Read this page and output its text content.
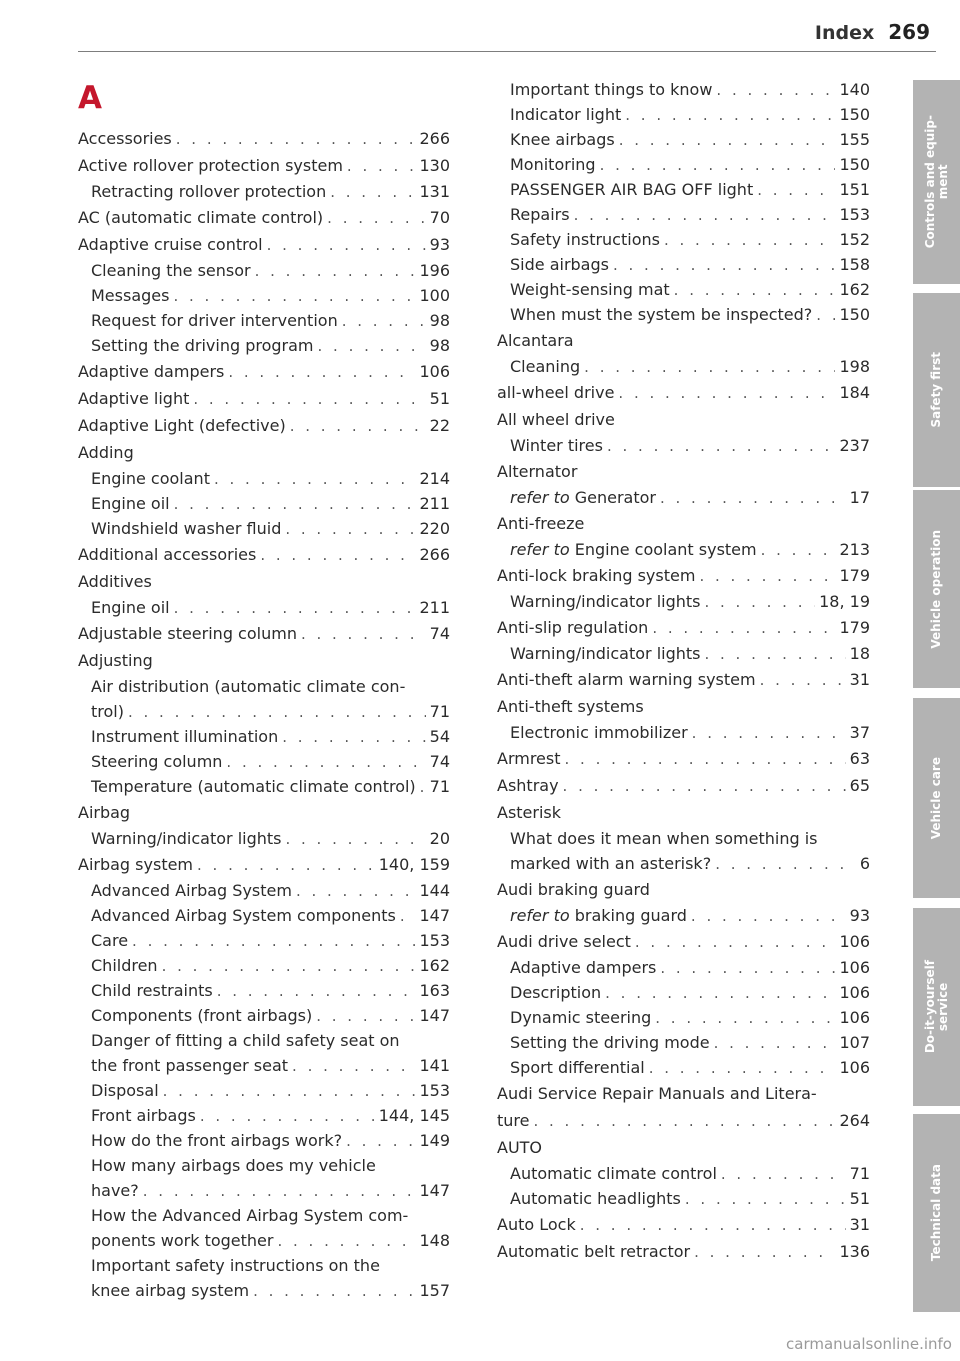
Index 269
A
Accessories . . .	266
Active rollover protection system . . .	130
Retracting rollover protection . . .	131
AC (automatic climate control) . . .	70
Adaptive cruise control . . .	93
Cleaning the sensor . . .	196
Messages . . .	100
Request for driver intervention . . .	98
Setting the driving program . . .	98
Adaptive dampers . . .	106
Adaptive light . . .	51
Adaptive Light (defective) . . .	22
Adding
Engine coolant . . .	214
Engine oil . . .	211
Windshield washer fluid . . .	220
Additional accessories . . .	266
Additives
Engine oil . . .	211
Adjustable steering column . . .	74
Adjusting
Air distribution (automatic climate con-
trol) . . .	71
Instrument illumination . . .	54
Steering column . . .	74
Temperature (automatic climate control) . . . 71
Airbag
Warning/indicator lights . . .	20
Airbag system . . .	140, 159
Advanced Airbag System . . .	144
Advanced Airbag System components . . . 147
Care . . .	153
Children . . .	162
Child restraints . . .	163
Components (front airbags) . . .	147
Danger of fitting a child safety seat on
the front passenger seat . . .	141
Disposal . . .	153
Front airbags . . .	144, 145
How do the front airbags work? . . .	149
How many airbags does my vehicle
have? . . .	147
How the Advanced Airbag System com-
ponents work together . . .	148
Important safety instructions on the
knee airbag system . . .	157
Important things to know . . .	140
Indicator light . . .	150
Knee airbags . . .	155
Monitoring . . .	150
PASSENGER AIR BAG OFF light . . .	151
Repairs . . .	153
Safety instructions . . .	152
Side airbags . . .	158
Weight-sensing mat . . .	162
When must the system be inspected? . . . 150
Alcantara
Cleaning . . .	198
all-wheel drive . . .	184
All wheel drive
Winter tires . . .	237
Alternator
refer to Generator . . .	17
Anti-freeze
refer to Engine coolant system . . .	213
Anti-lock braking system . . .	179
Warning/indicator lights . . .	18, 19
Anti-slip regulation . . .	179
Warning/indicator lights . . .	18
Anti-theft alarm warning system . . .	31
Anti-theft systems
Electronic immobilizer . . .	37
Armrest . . .	63
Ashtray . . .	65
Asterisk
What does it mean when something is
marked with an asterisk? . . .	6
Audi braking guard
refer to braking guard . . .	93
Audi drive select . . .	106
Adaptive dampers . . .	106
Description . . .	106
Dynamic steering . . .	106
Setting the driving mode . . .	107
Sport differential . . .	106
Audi Service Repair Manuals and Litera-
ture . . .	264
AUTO
Automatic climate control . . .	71
Automatic headlights . . .	51
Auto Lock . . .	31
Automatic belt retractor . . .	136
Controls and equip-
ment
Safety first
Vehicle operation
Vehicle care
Do-it-yourself
service
Technical data
carmanualsonline.info
